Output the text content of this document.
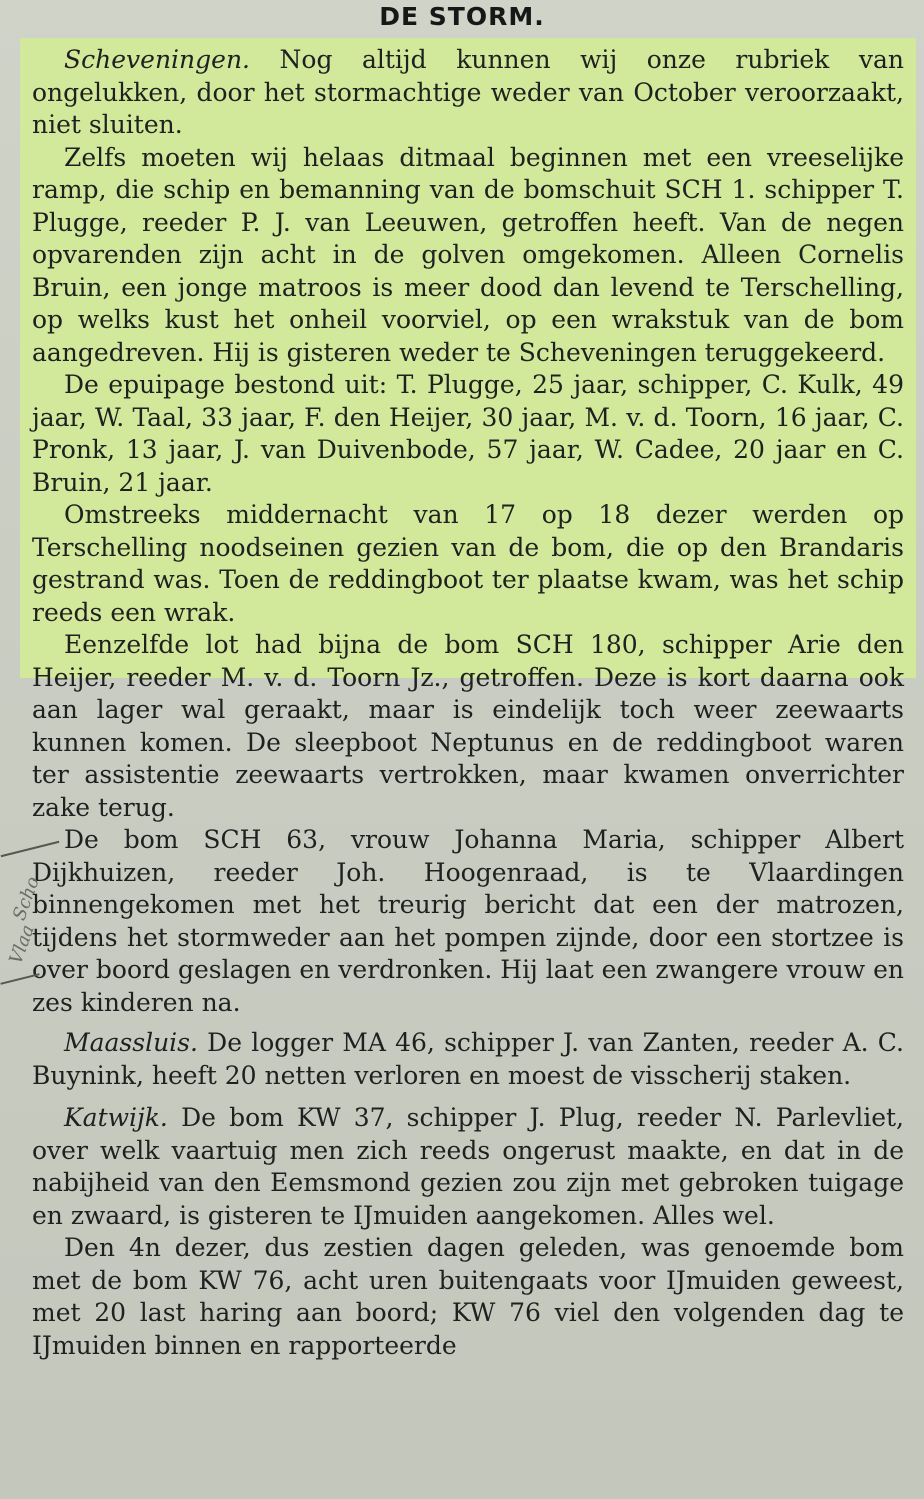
DE STORM.

Scheveningen. Nog altijd kunnen wij onze rubriek van ongelukken, door het stormachtige weder van October veroorzaakt, niet sluiten.

Zelfs moeten wij helaas ditmaal beginnen met een vreeselijke ramp, die schip en bemanning van de bomschuit SCH 1. schipper T. Plugge, reeder P. J. van Leeuwen, getroffen heeft. Van de negen opvarenden zijn acht in de golven omgekomen. Alleen Cornelis Bruin, een jonge matroos is meer dood dan levend te Terschelling, op welks kust het onheil voorviel, op een wrakstuk van de bom aangedreven. Hij is gisteren weder te Scheveningen teruggekeerd.

De epuipage bestond uit: T. Plugge, 25 jaar, schipper, C. Kulk, 49 jaar, W. Taal, 33 jaar, F. den Heijer, 30 jaar, M. v. d. Toorn, 16 jaar, C. Pronk, 13 jaar, J. van Duivenbode, 57 jaar, W. Cadee, 20 jaar en C. Bruin, 21 jaar.

Omstreeks middernacht van 17 op 18 dezer werden op Terschelling noodseinen gezien van de bom, die op den Brandaris gestrand was. Toen de reddingboot ter plaatse kwam, was het schip reeds een wrak.

Eenzelfde lot had bijna de bom SCH 180, schipper Arie den Heijer, reeder M. v. d. Toorn Jz., getroffen. Deze is kort daarna ook aan lager wal geraakt, maar is eindelijk toch weer zeewaarts kunnen komen. De sleepboot Neptunus en de reddingboot waren ter assistentie zeewaarts vertrokken, maar kwamen onverrichter zake terug.

De bom SCH 63, vrouw Johanna Maria, schipper Albert Dijkhuizen, reeder Joh. Hoogenraad, is te Vlaardingen binnengekomen met het treurig bericht dat een der matrozen, tijdens het stormweder aan het pompen zijnde, door een stortzee is over boord geslagen en verdronken. Hij laat een zwangere vrouw en zes kinderen na.

Maassluis. De logger MA 46, schipper J. van Zanten, reeder A. C. Buynink, heeft 20 netten verloren en moest de visscherij staken.

Katwijk. De bom KW 37, schipper J. Plug, reeder N. Parlevliet, over welk vaartuig men zich reeds ongerust maakte, en dat in de nabijheid van den Eemsmond gezien zou zijn met gebroken tuigage en zwaard, is gisteren te IJmuiden aangekomen. Alles wel.

Den 4n dezer, dus zestien dagen geleden, was genoemde bom met de bom KW 76, acht uren buitengaats voor IJmuiden geweest, met 20 last haring aan boord; KW 76 viel den volgenden dag te IJmuiden binnen en rapporteerde

Scho
Vlaa
